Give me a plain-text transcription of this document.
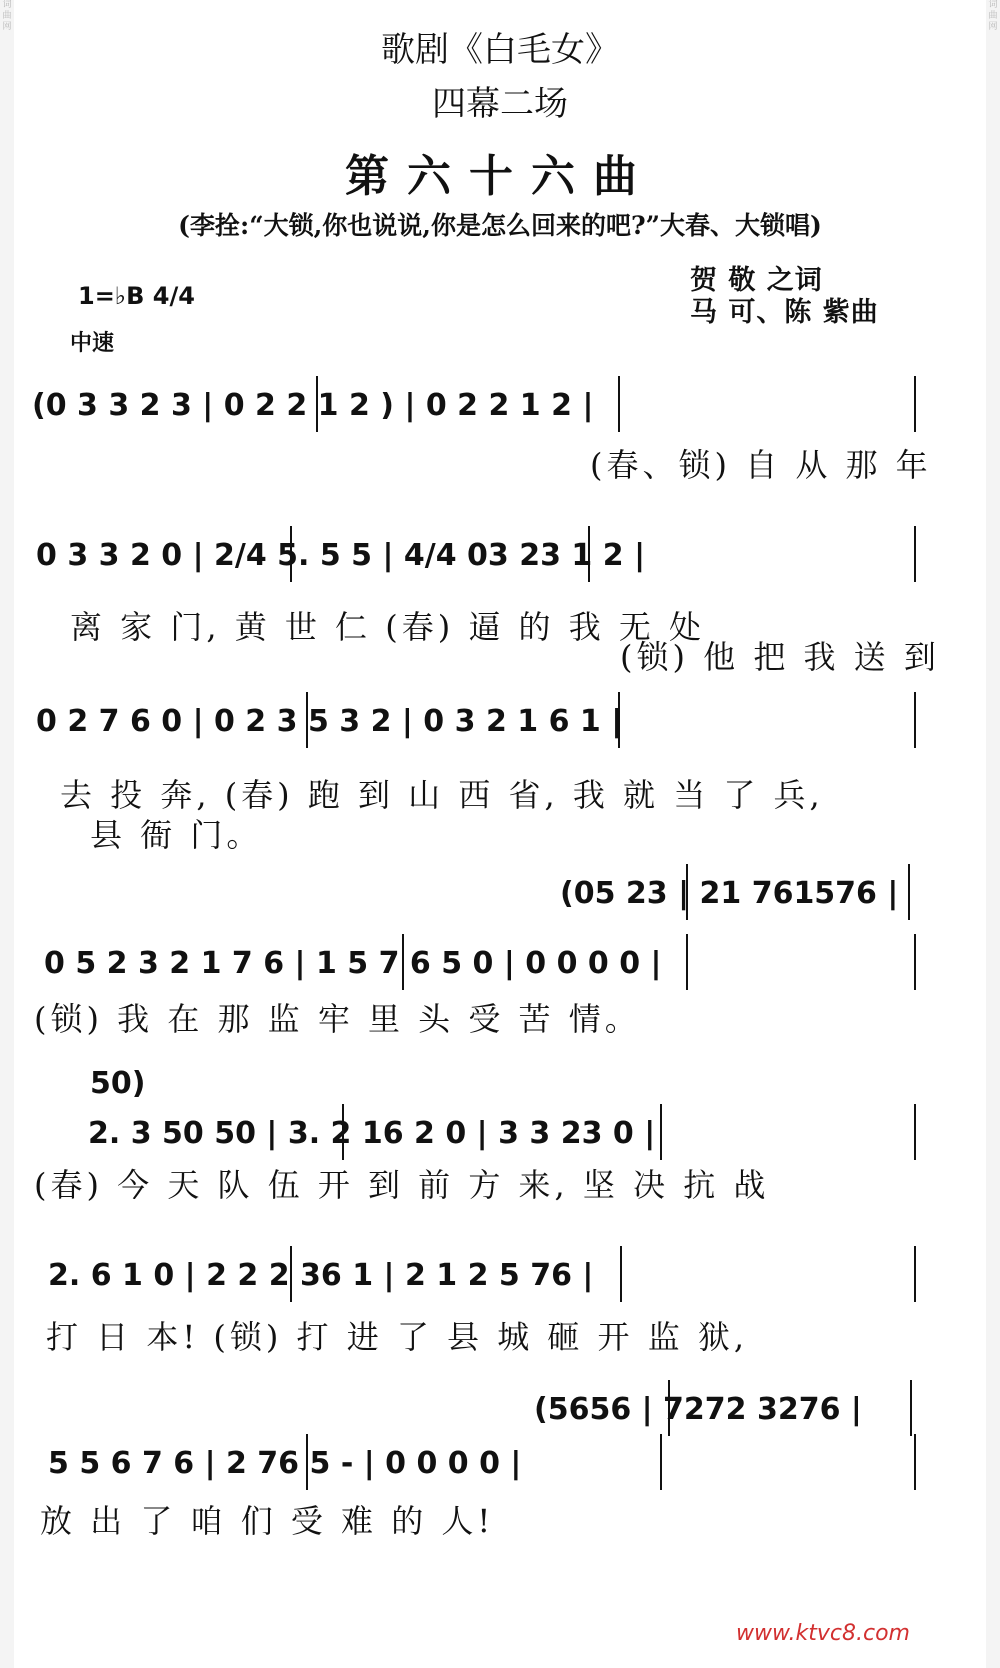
词曲网
词曲网
歌剧《白毛女》
四幕二场
第六十六曲
(李拴:“大锁,你也说说,你是怎么回来的吧?”大春、大锁唱)
贺 敬 之词
马 可、陈 紫曲
1=♭B 4/4
中速
(0 3 3 2 3 | 0 2 2 1 2 ) | 0 2 2 1 2 |
(春、锁) 自 从 那 年
0 3 3 2 0 | 2/4 5. 5 5 | 4/4 03 23 1 2 |
离 家 门, 黄 世 仁 (春) 逼 的 我 无 处
(锁) 他 把 我 送 到
0 2 7 6 0 | 0 2 3 5 3 2 | 0 3 2 1 6 1 |
去 投 奔, (春) 跑 到 山 西 省, 我 就 当 了 兵,
县 衙 门。
(05 23 | 21 761576 |
0 5 2 3 2 1 7 6 | 1 5 7 6 5 0 | 0 0 0 0 |
(锁) 我 在 那 监 牢 里 头 受 苦 情。
50)
2. 3 50 50 | 3. 2 16 2 0 | 3 3 23 0 |
(春) 今 天 队 伍 开 到 前 方 来, 坚 决 抗 战
2. 6 1 0 | 2 2 2 36 1 | 2 1 2 5 76 |
打 日 本! (锁) 打 进 了 县 城 砸 开 监 狱,
(5656 | 7272 3276 |
5 5 6 7 6 | 2 76 5 - | 0 0 0 0 |
放 出 了 咱 们 受 难 的 人!
www.ktvc8.com
